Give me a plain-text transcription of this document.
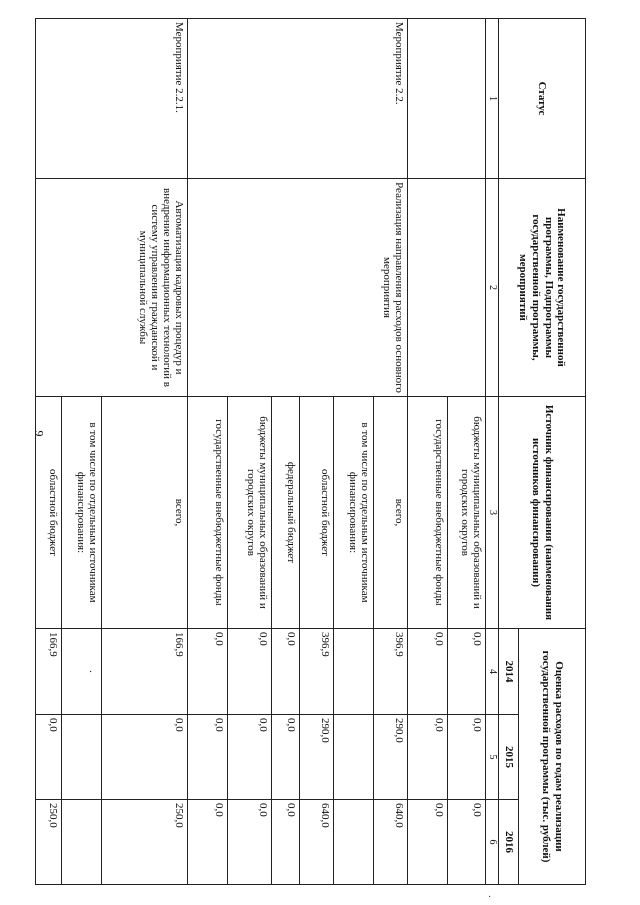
9
·
Статус	Наименование государственной программы, Подпрограммы государственной программы, мероприятий	Источник финансирования (наименования источников финансирования)	Оценка расходов по годам реализации государственной программы (тыс. рублей)		
			2014	2015	2016
1	2	3	4	5	6
		бюджеты муниципальных образований и городских округов	0,0	0,0	0,0
		государственные внебюджетные фонды	0,0	0,0	0,0
Мероприятие 2.2.	Реализация направления расходов основного мероприятия	всего,	396,9	290,0	640,0
		в том числе по отдельным источникам финансирования:			
		областной бюджет	396,9	290,0	640,0
		федеральный бюджет	0,0	0,0	0,0
		бюджеты муниципальных образований и городских округов	0,0	0,0	0,0
		государственные внебюджетные фонды	0,0	0,0	0,0
Мероприятие 2.2.1.	Автоматизация кадровых процедур и внедрение информационных технологий в систему управления гражданской и муниципальной службы	всего,	166,9	0,0	250,0
		в том числе по отдельным источникам финансирования:	.		
		областной бюджет	166,9	0,0	250,0
